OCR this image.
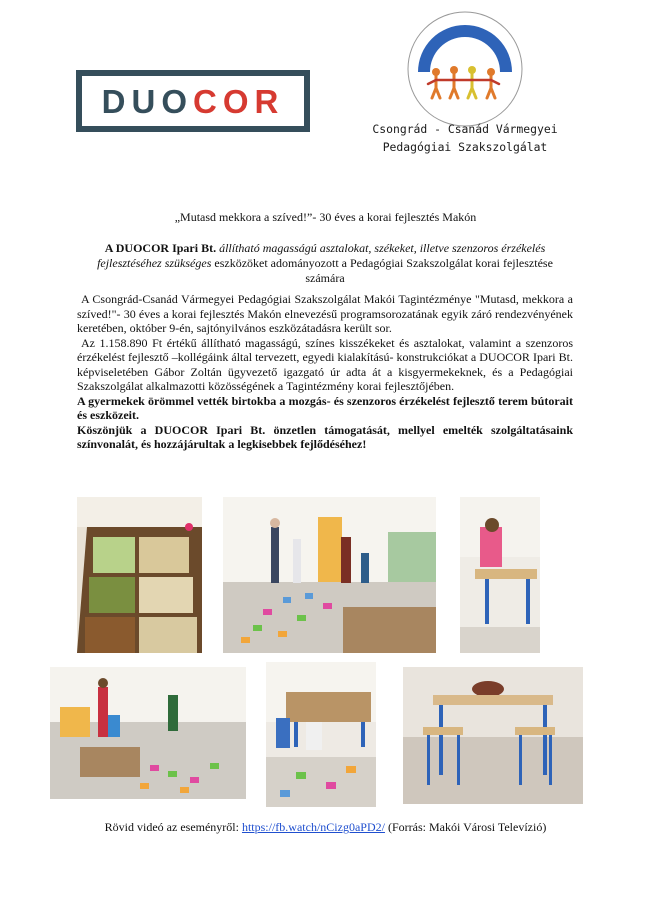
DUO COR
Csongrád - Csanád Vármegyei
Pedagógiai Szakszolgálat
„Mutasd mekkora a szíved!”- 30 éves a korai fejlesztés Makón
A DUOCOR Ipari Bt. állítható magasságú asztalokat, székeket, illetve szenzoros érzékelés fejlesztéséhez szükséges eszközöket adományozott a Pedagógiai Szakszolgálat korai fejlesztése számára

A Csongrád-Csanád Vármegyei Pedagógiai Szakszolgálat Makói Tagintézménye "Mutasd, mekkora a szíved!"- 30 éves a korai fejlesztés Makón elnevezésű programsorozatának egyik záró rendezvényének keretében, október 9-én, sajtónyilvános eszközátadásra került sor.

Az 1.158.890 Ft értékű állítható magasságú, színes kisszékeket és asztalokat, valamint a szenzoros érzékelést fejlesztő –kollégáink által tervezett, egyedi kialakítású- konstrukciókat a DUOCOR Ipari Bt. képviseletében Gábor Zoltán ügyvezető igazgató úr adta át a kisgyermekeknek, és a Pedagógiai Szakszolgálat alkalmazotti közösségének a Tagintézmény korai fejlesztőjében.

A gyermekek örömmel vették birtokba a mozgás- és szenzoros érzékelést fejlesztő terem bútorait és eszközeit.

Köszönjük a DUOCOR Ipari Bt. önzetlen támogatását, mellyel emelték szolgáltatásaink színvonalát, és hozzájárultak a legkisebbek fejlődéséhez!

Rövid videó az eseményről: https://fb.watch/nCizg0aPD2/ (Forrás: Makói Városi Televízió)
